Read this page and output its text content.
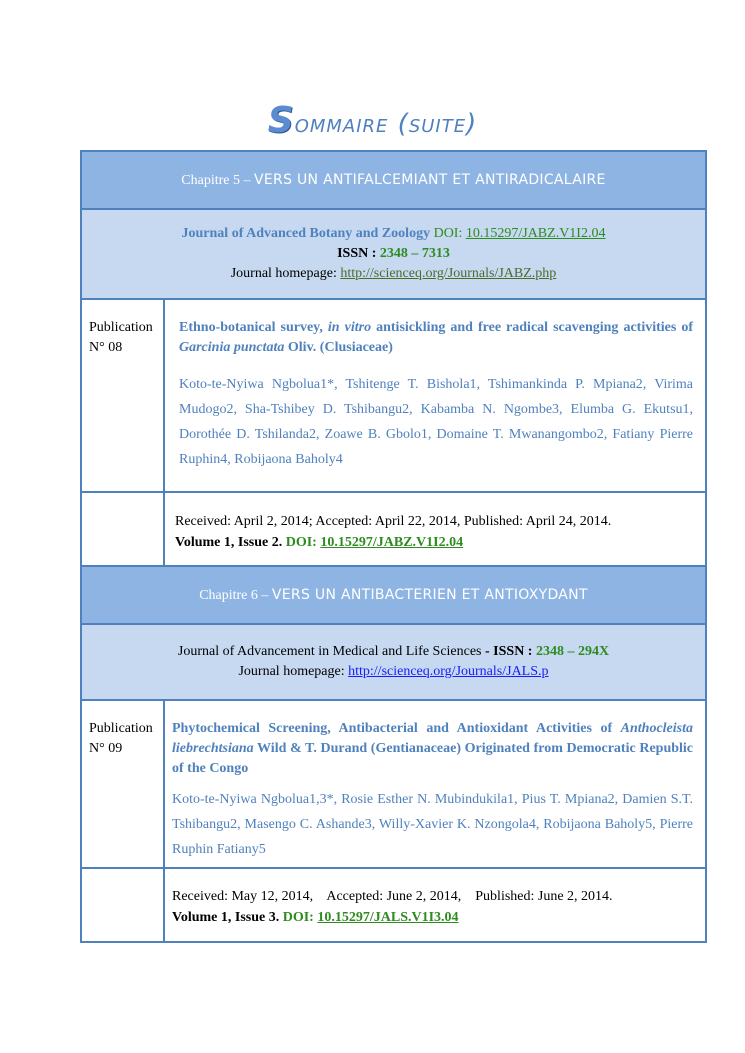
Sommaire (suite)
Chapitre 5 – VERS UN ANTIFALCEMIANT ET ANTIRADICALAIRE	

Journal of Advanced Botany and Zoology DOI: 10.15297/JABZ.V1I2.04
ISSN : 2348 – 7313
Journal homepage: http://scienceq.org/Journals/JABZ.php	

Publication N° 08	Ethno-botanical survey, in vitro antisickling and free radical scavenging activities of Garcinia punctata Oliv. (Clusiaceae)
Koto-te-Nyiwa Ngbolua1*, Tshitenge T. Bishola1, Tshimankinda P. Mpiana2, Virima Mudogo2, Sha-Tshibey D. Tshibangu2, Kabamba N. Ngombe3, Elumba G. Ekutsu1, Dorothée D. Tshilanda2, Zoawe B. Gbolo1, Domaine T. Mwanangombo2, Fatiany Pierre Ruphin4, Robijaona Baholy4

	Received: April 2, 2014; Accepted: April 22, 2014, Published: April 24, 2014.
Volume 1, Issue 2. DOI: 10.15297/JABZ.V1I2.04

Chapitre 6 – VERS UN ANTIBACTERIEN ET ANTIOXYDANT	

Journal of Advancement in Medical and Life Sciences - ISSN : 2348 – 294X
Journal homepage: http://scienceq.org/Journals/JALS.p	

Publication N° 09	Phytochemical Screening, Antibacterial and Antioxidant Activities of Anthocleista liebrechtsiana Wild & T. Durand (Gentianaceae) Originated from Democratic Republic of the Congo
Koto-te-Nyiwa Ngbolua1,3*, Rosie Esther N. Mubindukila1, Pius T. Mpiana2, Damien S.T. Tshibangu2, Masengo C. Ashande3, Willy-Xavier K. Nzongola4, Robijaona Baholy5, Pierre Ruphin Fatiany5

	Received: May 12, 2014,    Accepted: June 2, 2014,    Published: June 2, 2014.
Volume 1, Issue 3. DOI: 10.15297/JALS.V1I3.04
